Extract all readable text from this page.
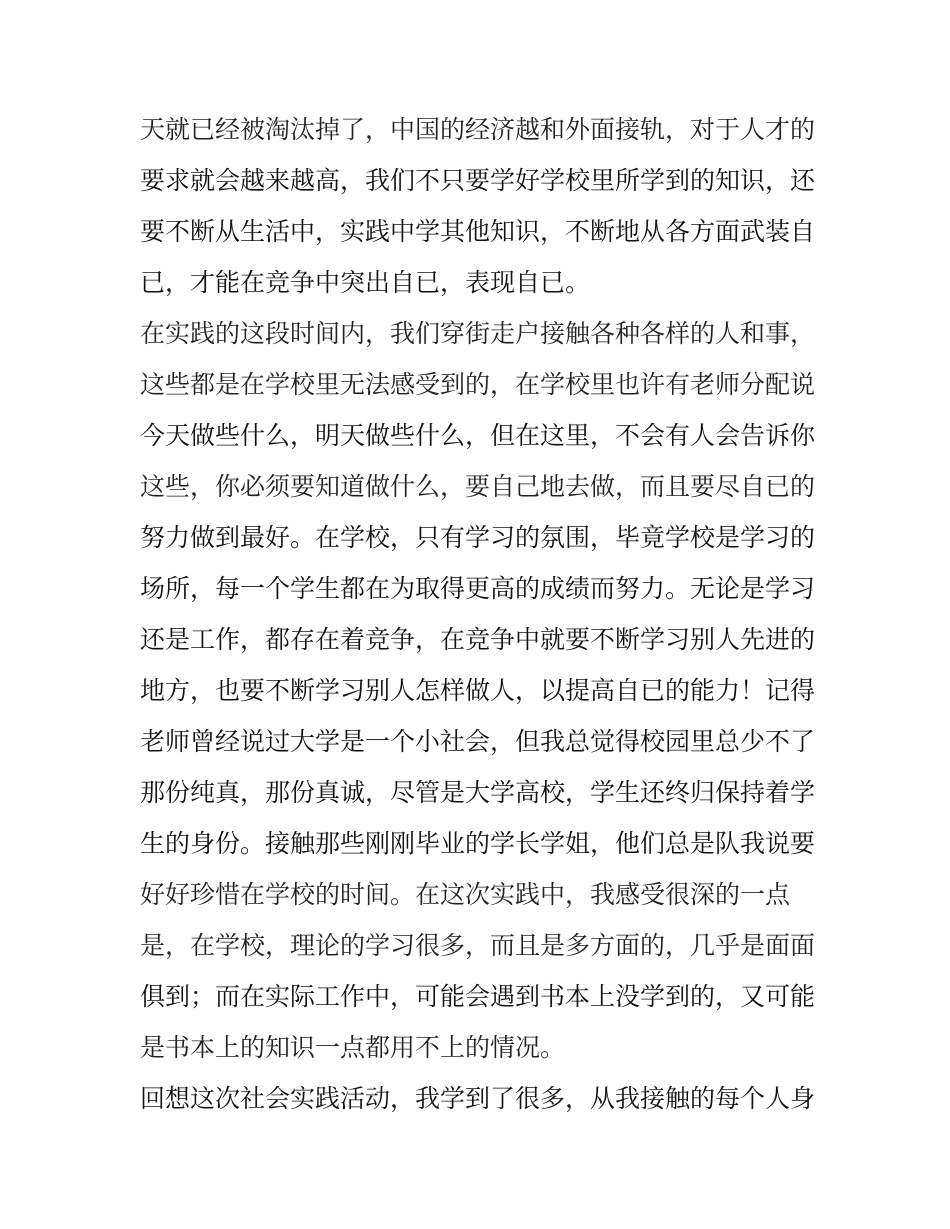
天就已经被淘汰掉了，中国的经济越和外面接轨，对于人才的
要求就会越来越高，我们不只要学好学校里所学到的知识，还
要不断从生活中，实践中学其他知识，不断地从各方面武装自
已，才能在竞争中突出自已，表现自已。
在实践的这段时间内，我们穿街走户接触各种各样的人和事，
这些都是在学校里无法感受到的，在学校里也许有老师分配说
今天做些什么，明天做些什么，但在这里，不会有人会告诉你
这些，你必须要知道做什么，要自己地去做，而且要尽自已的
努力做到最好。在学校，只有学习的氛围，毕竟学校是学习的
场所，每一个学生都在为取得更高的成绩而努力。无论是学习
还是工作，都存在着竞争，在竞争中就要不断学习别人先进的
地方，也要不断学习别人怎样做人，以提高自已的能力！记得
老师曾经说过大学是一个小社会，但我总觉得校园里总少不了
那份纯真，那份真诚，尽管是大学高校，学生还终归保持着学
生的身份。接触那些刚刚毕业的学长学姐，他们总是队我说要
好好珍惜在学校的时间。在这次实践中，我感受很深的一点
是，在学校，理论的学习很多，而且是多方面的，几乎是面面
俱到；而在实际工作中，可能会遇到书本上没学到的，又可能
是书本上的知识一点都用不上的情况。
回想这次社会实践活动，我学到了很多，从我接触的每个人身
